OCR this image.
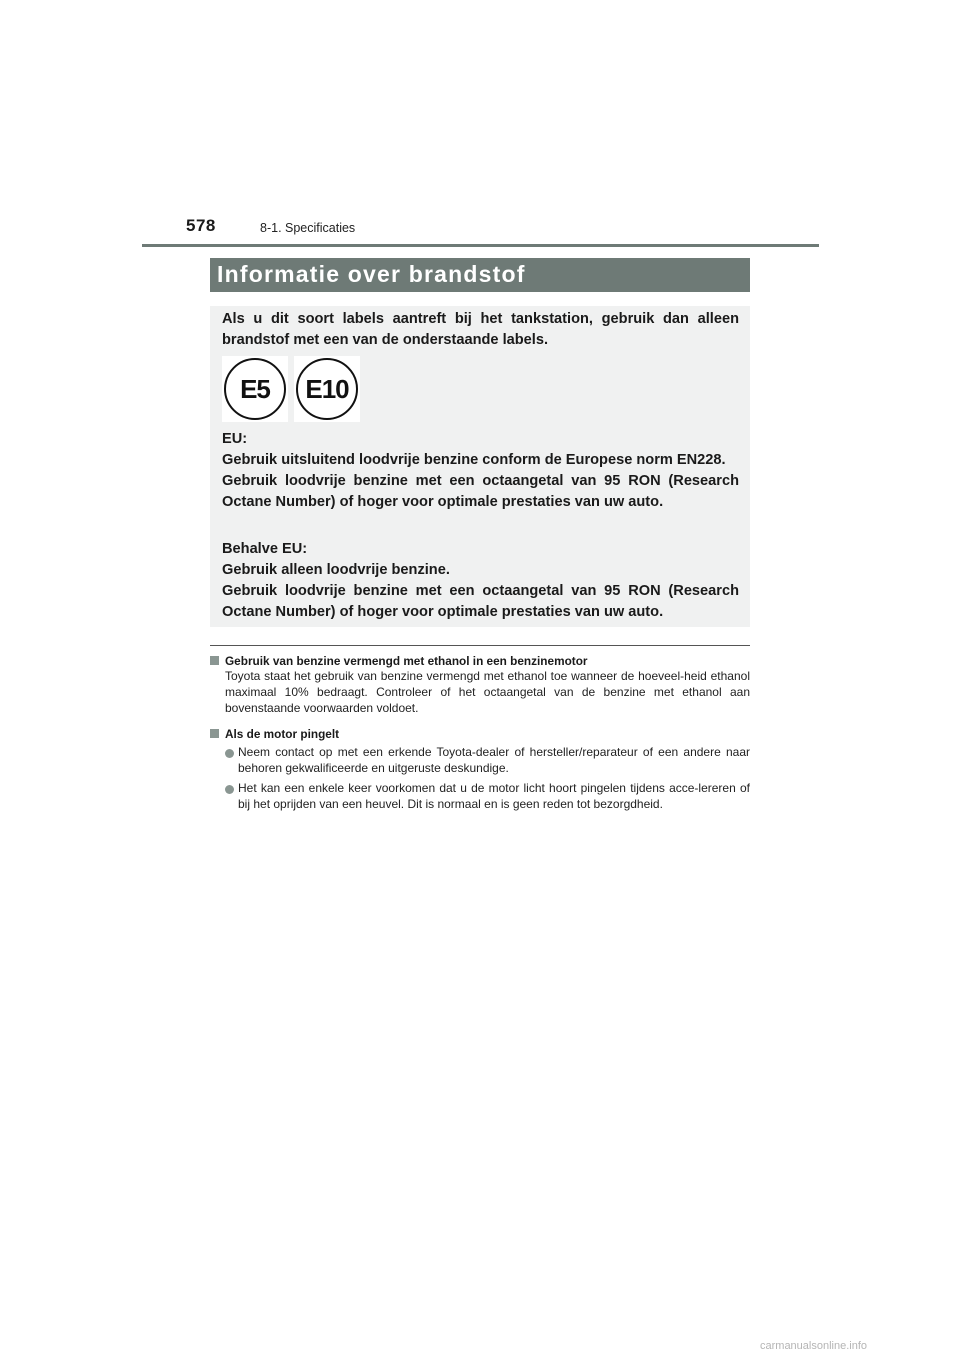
578	8-1. Specificaties
Informatie over brandstof

Als u dit soort labels aantreft bij het tankstation, gebruik dan alleen brandstof met een van de onderstaande labels.

E5	E10

EU:
Gebruik uitsluitend loodvrije benzine conform de Europese norm EN228.
Gebruik loodvrije benzine met een octaangetal van 95 RON (Research Octane Number) of hoger voor optimale prestaties van uw auto.

Behalve EU:
Gebruik alleen loodvrije benzine.
Gebruik loodvrije benzine met een octaangetal van 95 RON (Research Octane Number) of hoger voor optimale prestaties van uw auto.

Gebruik van benzine vermengd met ethanol in een benzinemotor

Toyota staat het gebruik van benzine vermengd met ethanol toe wanneer de hoeveel-heid ethanol maximaal 10% bedraagt. Controleer of het octaangetal van de benzine met ethanol aan bovenstaande voorwaarden voldoet.

Als de motor pingelt

Neem contact op met een erkende Toyota-dealer of hersteller/reparateur of een andere naar behoren gekwalificeerde en uitgeruste deskundige.

Het kan een enkele keer voorkomen dat u de motor licht hoort pingelen tijdens acce-lereren of bij het oprijden van een heuvel. Dit is normaal en is geen reden tot bezorgdheid.

carmanualsonline.info
